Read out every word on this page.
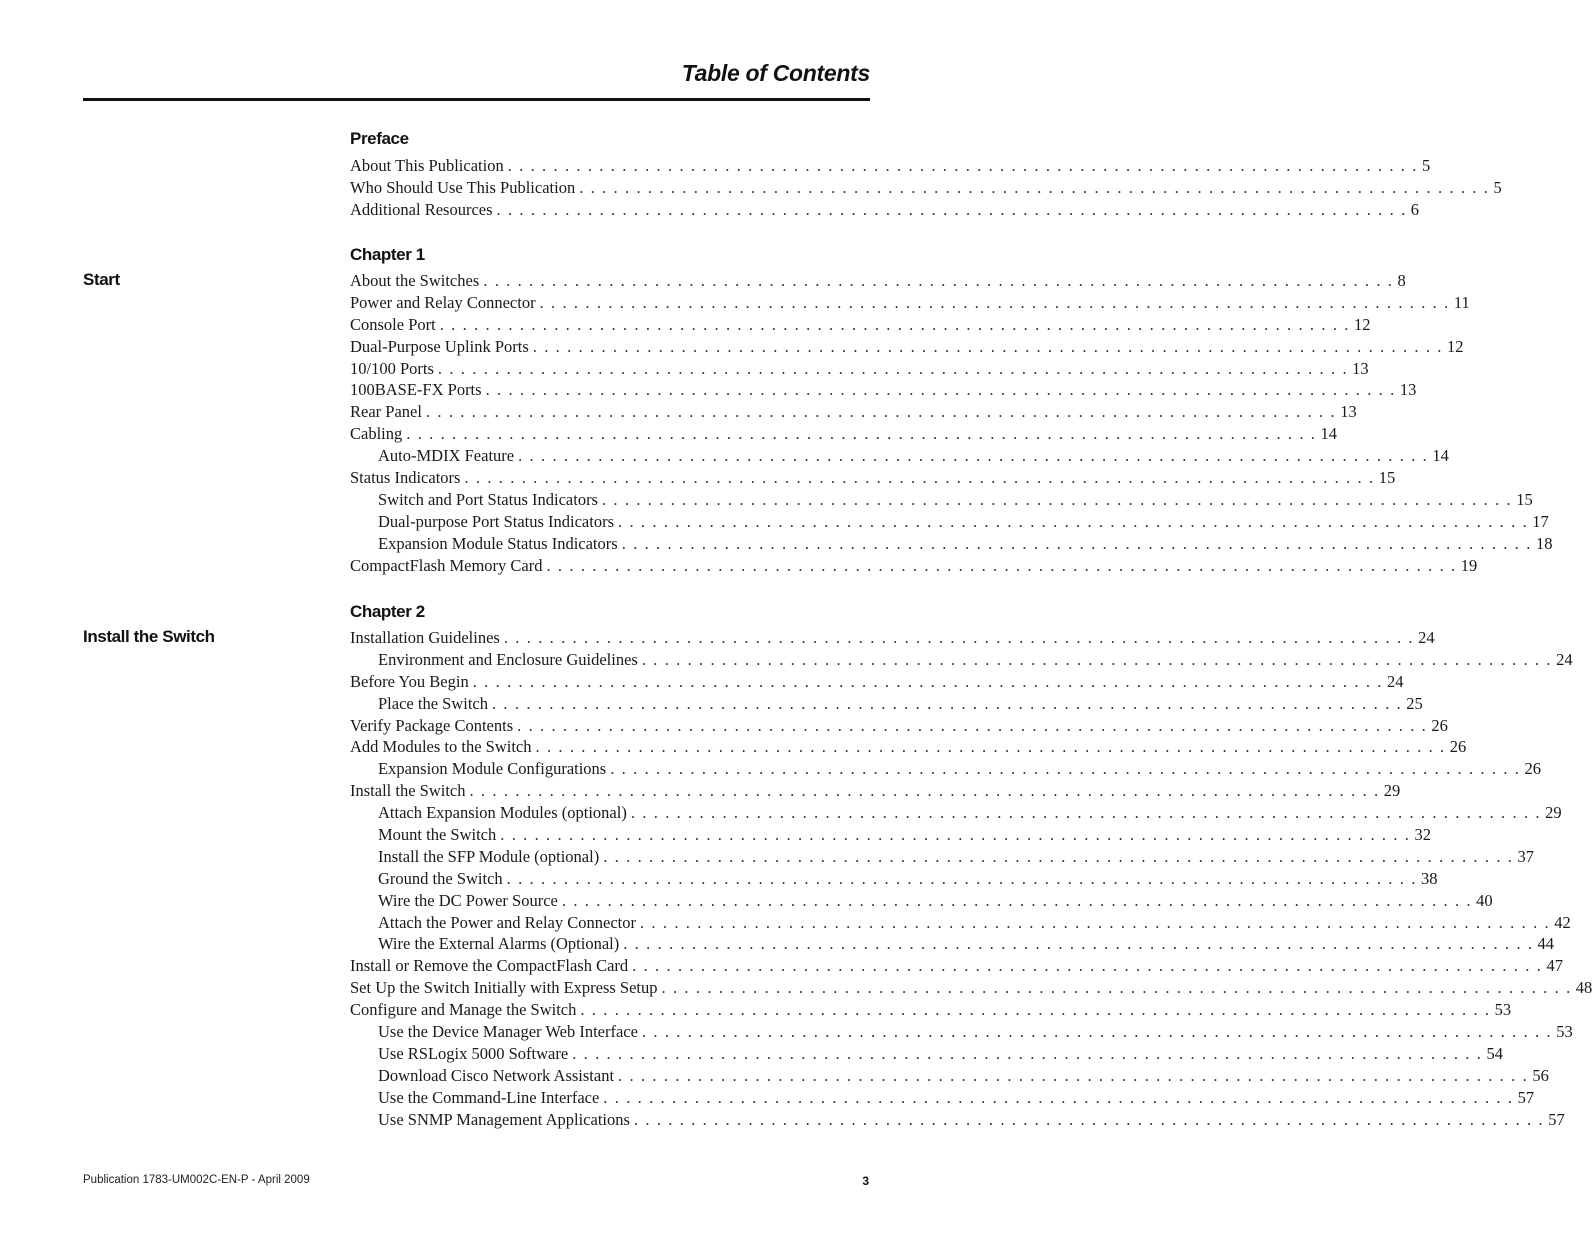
Table of Contents
Preface
About This Publication . . . . . . . . . . . . . . . . . . . . . . . . . . . . . . . . . . . . . . . . . . . . . . . . . . . . . . . . . . . . . . . . . . . . . . . . . . . . . . . . 5
Who Should Use This Publication . . . . . . . . . . . . . . . . . . . . . . . . . . . . . . . . . . . . . . . . . . . . . . . . . . . . . . . . . . . . . . . . . . . . . . . . . . . . . . . . 5
Additional Resources . . . . . . . . . . . . . . . . . . . . . . . . . . . . . . . . . . . . . . . . . . . . . . . . . . . . . . . . . . . . . . . . . . . . . . . . . . . . . . . . 6
Chapter 1
Start	About the Switches . . . . . . . . . . . . . . . . . . . . . . . . . . . . . . . . . . . . . . . . . . . . . . . . . . . . . . . . . . . . . . . . . . . . . . . . . . . . . . . . 8
Power and Relay Connector . . . . . . . . . . . . . . . . . . . . . . . . . . . . . . . . . . . . . . . . . . . . . . . . . . . . . . . . . . . . . . . . . . . . . . . . . . . . . . . . 11
Console Port . . . . . . . . . . . . . . . . . . . . . . . . . . . . . . . . . . . . . . . . . . . . . . . . . . . . . . . . . . . . . . . . . . . . . . . . . . . . . . . . 12
Dual-Purpose Uplink Ports . . . . . . . . . . . . . . . . . . . . . . . . . . . . . . . . . . . . . . . . . . . . . . . . . . . . . . . . . . . . . . . . . . . . . . . . . . . . . . . . 12
10/100 Ports . . . . . . . . . . . . . . . . . . . . . . . . . . . . . . . . . . . . . . . . . . . . . . . . . . . . . . . . . . . . . . . . . . . . . . . . . . . . . . . . 13
100BASE-FX Ports . . . . . . . . . . . . . . . . . . . . . . . . . . . . . . . . . . . . . . . . . . . . . . . . . . . . . . . . . . . . . . . . . . . . . . . . . . . . . . . . 13
Rear Panel . . . . . . . . . . . . . . . . . . . . . . . . . . . . . . . . . . . . . . . . . . . . . . . . . . . . . . . . . . . . . . . . . . . . . . . . . . . . . . . . 13
Cabling . . . . . . . . . . . . . . . . . . . . . . . . . . . . . . . . . . . . . . . . . . . . . . . . . . . . . . . . . . . . . . . . . . . . . . . . . . . . . . . . 14
Auto-MDIX Feature . . . . . . . . . . . . . . . . . . . . . . . . . . . . . . . . . . . . . . . . . . . . . . . . . . . . . . . . . . . . . . . . . . . . . . . . . . . . . . . . 14
Status Indicators . . . . . . . . . . . . . . . . . . . . . . . . . . . . . . . . . . . . . . . . . . . . . . . . . . . . . . . . . . . . . . . . . . . . . . . . . . . . . . . . 15
Switch and Port Status Indicators . . . . . . . . . . . . . . . . . . . . . . . . . . . . . . . . . . . . . . . . . . . . . . . . . . . . . . . . . . . . . . . . . . . . . . . . . . . . . . . . 15
Dual-purpose Port Status Indicators . . . . . . . . . . . . . . . . . . . . . . . . . . . . . . . . . . . . . . . . . . . . . . . . . . . . . . . . . . . . . . . . . . . . . . . . . . . . . . . . 17
Expansion Module Status Indicators . . . . . . . . . . . . . . . . . . . . . . . . . . . . . . . . . . . . . . . . . . . . . . . . . . . . . . . . . . . . . . . . . . . . . . . . . . . . . . . . 18
CompactFlash Memory Card . . . . . . . . . . . . . . . . . . . . . . . . . . . . . . . . . . . . . . . . . . . . . . . . . . . . . . . . . . . . . . . . . . . . . . . . . . . . . . . . 19
Chapter 2
Install the Switch	Installation Guidelines . . . . . . . . . . . . . . . . . . . . . . . . . . . . . . . . . . . . . . . . . . . . . . . . . . . . . . . . . . . . . . . . . . . . . . . . . . . . . . . . 24
Environment and Enclosure Guidelines . . . . . . . . . . . . . . . . . . . . . . . . . . . . . . . . . . . . . . . . . . . . . . . . . . . . . . . . . . . . . . . . . . . . . . . . . . . . . . . . 24
Before You Begin . . . . . . . . . . . . . . . . . . . . . . . . . . . . . . . . . . . . . . . . . . . . . . . . . . . . . . . . . . . . . . . . . . . . . . . . . . . . . . . . 24
Place the Switch . . . . . . . . . . . . . . . . . . . . . . . . . . . . . . . . . . . . . . . . . . . . . . . . . . . . . . . . . . . . . . . . . . . . . . . . . . . . . . . . 25
Verify Package Contents . . . . . . . . . . . . . . . . . . . . . . . . . . . . . . . . . . . . . . . . . . . . . . . . . . . . . . . . . . . . . . . . . . . . . . . . . . . . . . . . 26
Add Modules to the Switch . . . . . . . . . . . . . . . . . . . . . . . . . . . . . . . . . . . . . . . . . . . . . . . . . . . . . . . . . . . . . . . . . . . . . . . . . . . . . . . . 26
Expansion Module Configurations . . . . . . . . . . . . . . . . . . . . . . . . . . . . . . . . . . . . . . . . . . . . . . . . . . . . . . . . . . . . . . . . . . . . . . . . . . . . . . . . 26
Install the Switch . . . . . . . . . . . . . . . . . . . . . . . . . . . . . . . . . . . . . . . . . . . . . . . . . . . . . . . . . . . . . . . . . . . . . . . . . . . . . . . . 29
Attach Expansion Modules (optional) . . . . . . . . . . . . . . . . . . . . . . . . . . . . . . . . . . . . . . . . . . . . . . . . . . . . . . . . . . . . . . . . . . . . . . . . . . . . . . . . 29
Mount the Switch . . . . . . . . . . . . . . . . . . . . . . . . . . . . . . . . . . . . . . . . . . . . . . . . . . . . . . . . . . . . . . . . . . . . . . . . . . . . . . . . 32
Install the SFP Module (optional) . . . . . . . . . . . . . . . . . . . . . . . . . . . . . . . . . . . . . . . . . . . . . . . . . . . . . . . . . . . . . . . . . . . . . . . . . . . . . . . . 37
Ground the Switch . . . . . . . . . . . . . . . . . . . . . . . . . . . . . . . . . . . . . . . . . . . . . . . . . . . . . . . . . . . . . . . . . . . . . . . . . . . . . . . . 38
Wire the DC Power Source . . . . . . . . . . . . . . . . . . . . . . . . . . . . . . . . . . . . . . . . . . . . . . . . . . . . . . . . . . . . . . . . . . . . . . . . . . . . . . . . 40
Attach the Power and Relay Connector . . . . . . . . . . . . . . . . . . . . . . . . . . . . . . . . . . . . . . . . . . . . . . . . . . . . . . . . . . . . . . . . . . . . . . . . . . . . . . . . 42
Wire the External Alarms (Optional) . . . . . . . . . . . . . . . . . . . . . . . . . . . . . . . . . . . . . . . . . . . . . . . . . . . . . . . . . . . . . . . . . . . . . . . . . . . . . . . . 44
Install or Remove the CompactFlash Card . . . . . . . . . . . . . . . . . . . . . . . . . . . . . . . . . . . . . . . . . . . . . . . . . . . . . . . . . . . . . . . . . . . . . . . . . . . . . . . . 47
Set Up the Switch Initially with Express Setup . . . . . . . . . . . . . . . . . . . . . . . . . . . . . . . . . . . . . . . . . . . . . . . . . . . . . . . . . . . . . . . . . . . . . . . . . . . . . . . . 48
Configure and Manage the Switch . . . . . . . . . . . . . . . . . . . . . . . . . . . . . . . . . . . . . . . . . . . . . . . . . . . . . . . . . . . . . . . . . . . . . . . . . . . . . . . . 53
Use the Device Manager Web Interface . . . . . . . . . . . . . . . . . . . . . . . . . . . . . . . . . . . . . . . . . . . . . . . . . . . . . . . . . . . . . . . . . . . . . . . . . . . . . . . . 53
Use RSLogix 5000 Software . . . . . . . . . . . . . . . . . . . . . . . . . . . . . . . . . . . . . . . . . . . . . . . . . . . . . . . . . . . . . . . . . . . . . . . . . . . . . . . . 54
Download Cisco Network Assistant . . . . . . . . . . . . . . . . . . . . . . . . . . . . . . . . . . . . . . . . . . . . . . . . . . . . . . . . . . . . . . . . . . . . . . . . . . . . . . . . 56
Use the Command-Line Interface . . . . . . . . . . . . . . . . . . . . . . . . . . . . . . . . . . . . . . . . . . . . . . . . . . . . . . . . . . . . . . . . . . . . . . . . . . . . . . . . 57
Use SNMP Management Applications . . . . . . . . . . . . . . . . . . . . . . . . . . . . . . . . . . . . . . . . . . . . . . . . . . . . . . . . . . . . . . . . . . . . . . . . . . . . . . . . 57
Publication 1783-UM002C-EN-P - April 2009	3
